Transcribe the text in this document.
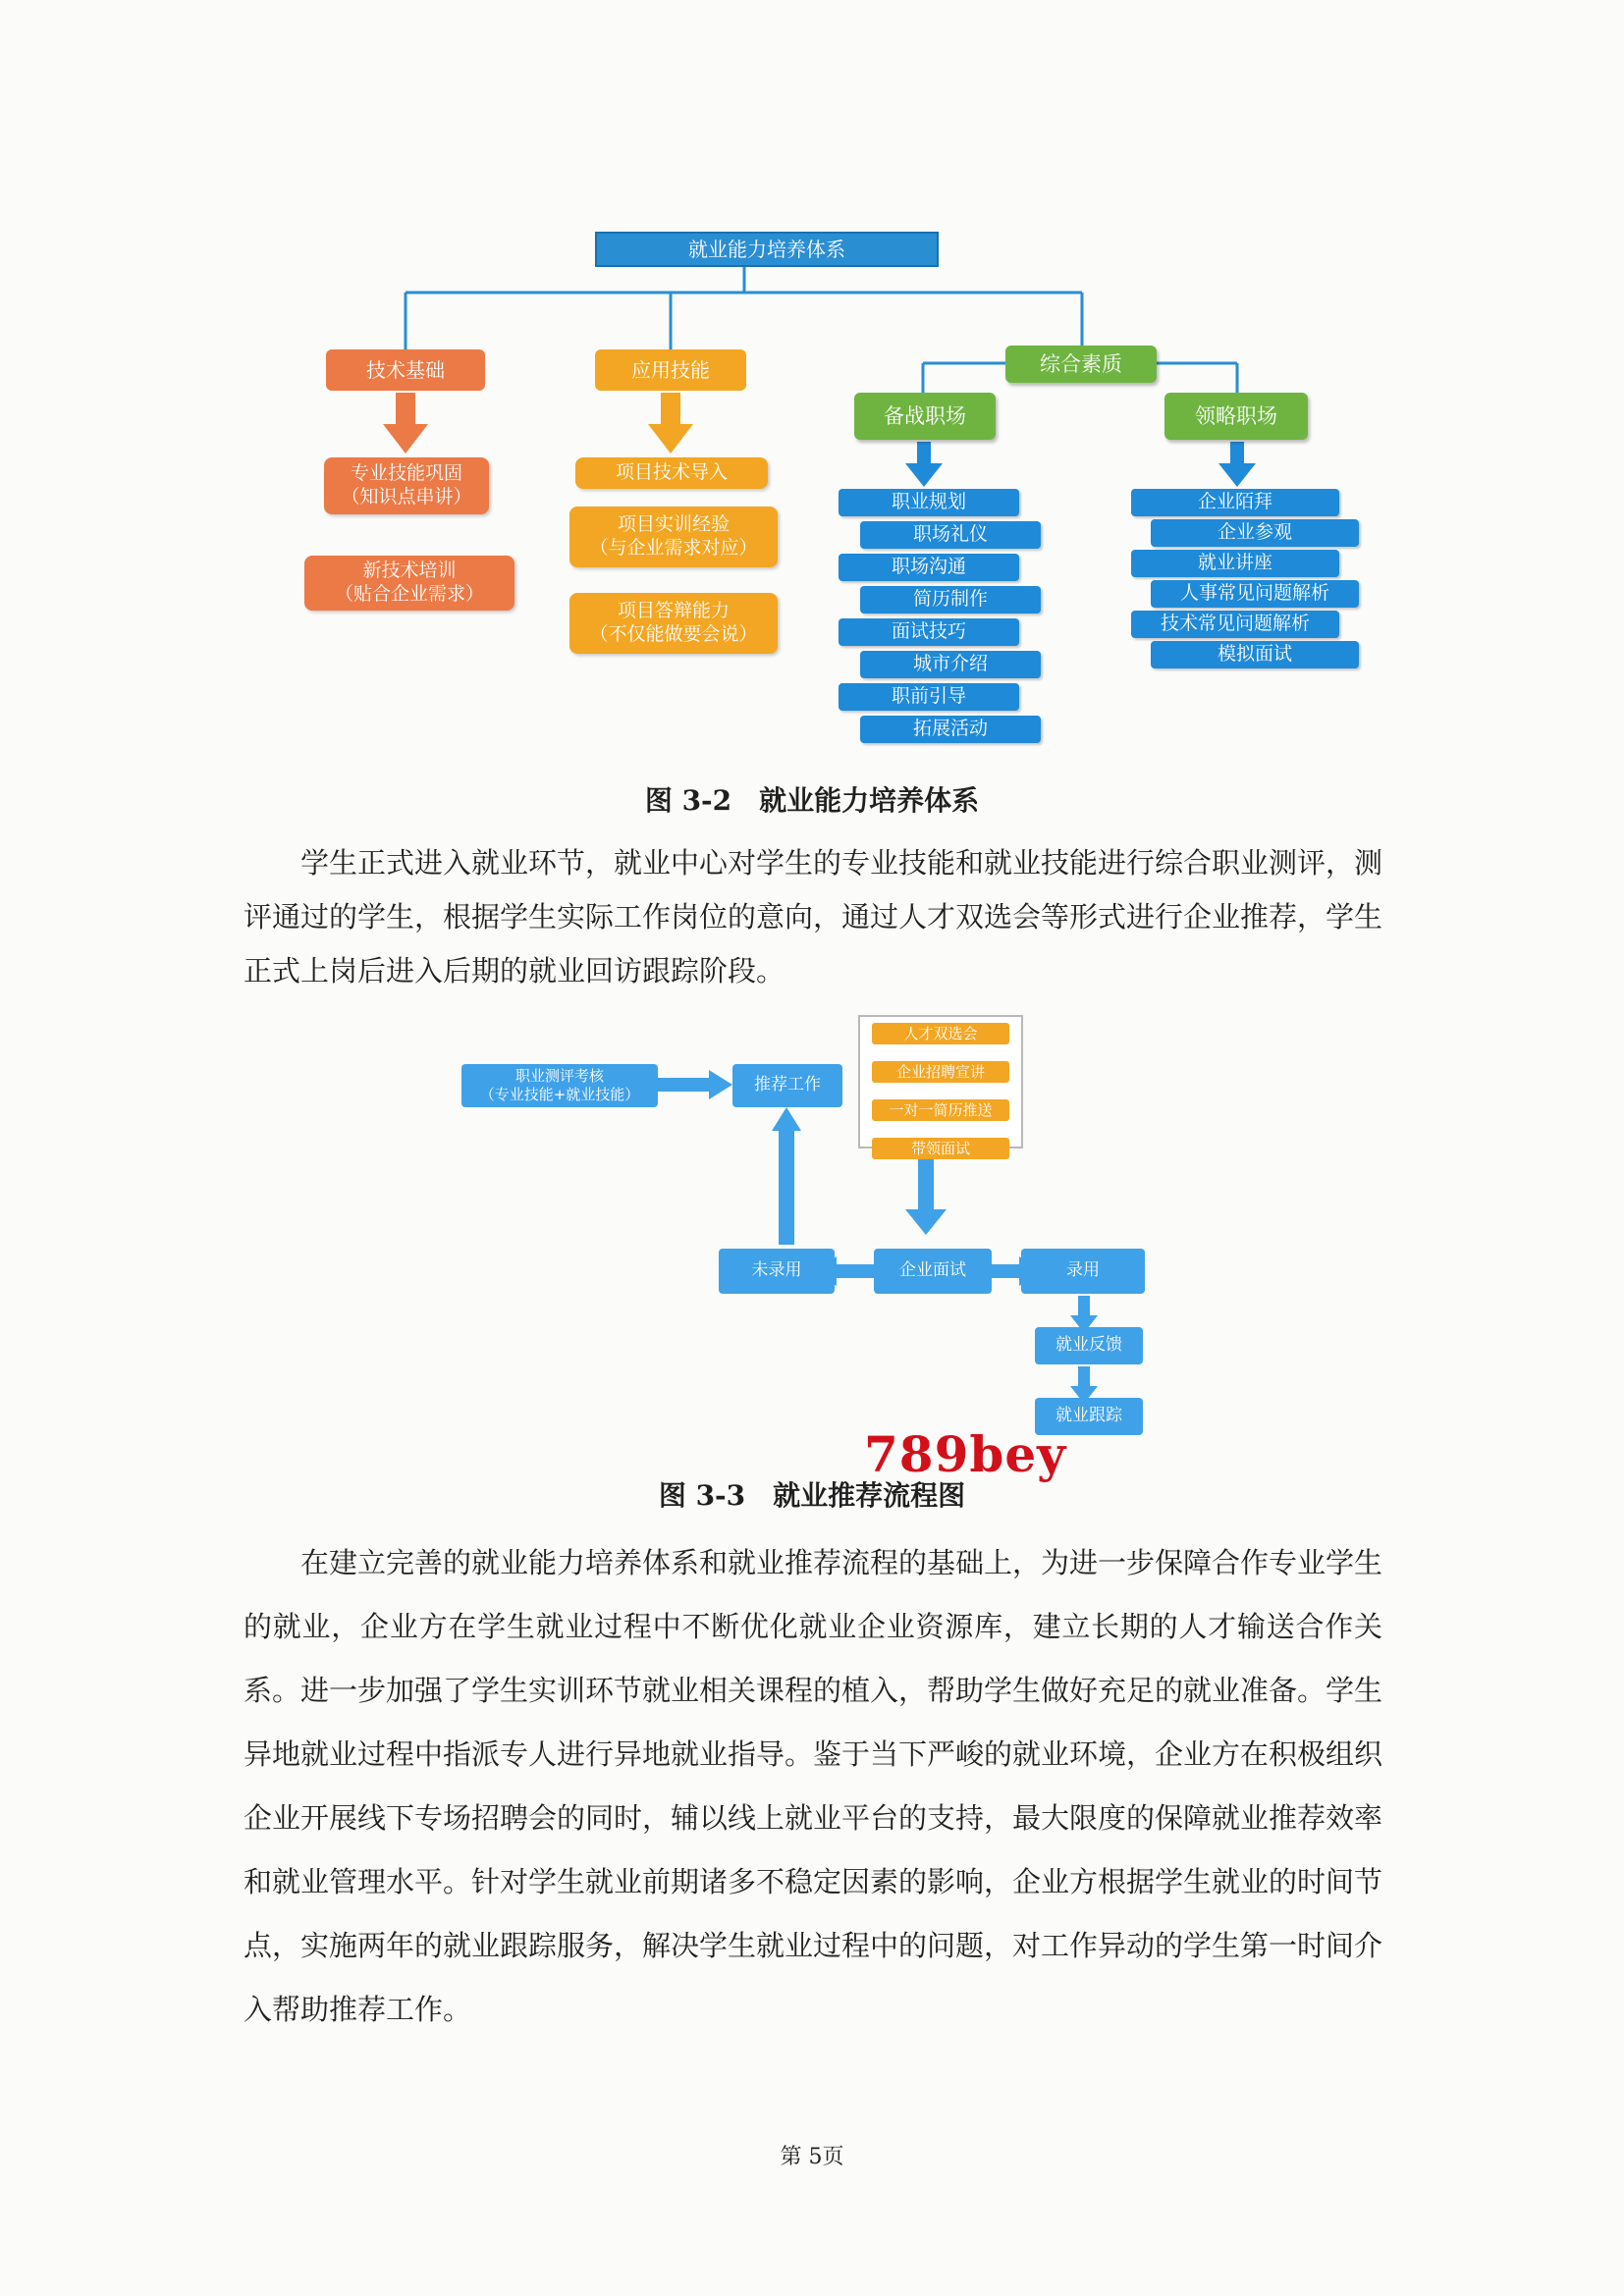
就业能力培养体系
技术基础	应用技能	综合素质
备战职场	领略职场
专业技能巩固
（知识点串讲）
新技术培训
（贴合企业需求）
项目技术导入
项目实训经验
（与企业需求对应）
项目答辩能力
（不仅能做要会说）
职业规划
职场礼仪
职场沟通
简历制作
面试技巧
城市介绍
职前引导
拓展活动
企业陌拜
企业参观
就业讲座
人事常见问题解析
技术常见问题解析
模拟面试
图 3-2　就业能力培养体系

学生正式进入就业环节，就业中心对学生的专业技能和就业技能进行综合职业测评，测评通过的学生，根据学生实际工作岗位的意向，通过人才双选会等形式进行企业推荐，学生正式上岗后进入后期的就业回访跟踪阶段。

职业测评考核
（专业技能+就业技能）	推荐工作
人才双选会
企业招聘宣讲
一对一简历推送
带领面试
未录用	企业面试	录用
就业反馈
就业跟踪
图 3-3　就业推荐流程图
789bey

在建立完善的就业能力培养体系和就业推荐流程的基础上，为进一步保障合作专业学生的就业，企业方在学生就业过程中不断优化就业企业资源库，建立长期的人才输送合作关系。进一步加强了学生实训环节就业相关课程的植入，帮助学生做好充足的就业准备。学生异地就业过程中指派专人进行异地就业指导。鉴于当下严峻的就业环境，企业方在积极组织企业开展线下专场招聘会的同时，辅以线上就业平台的支持，最大限度的保障就业推荐效率和就业管理水平。针对学生就业前期诸多不稳定因素的影响，企业方根据学生就业的时间节点，实施两年的就业跟踪服务，解决学生就业过程中的问题，对工作异动的学生第一时间介入帮助推荐工作。

第 5页
